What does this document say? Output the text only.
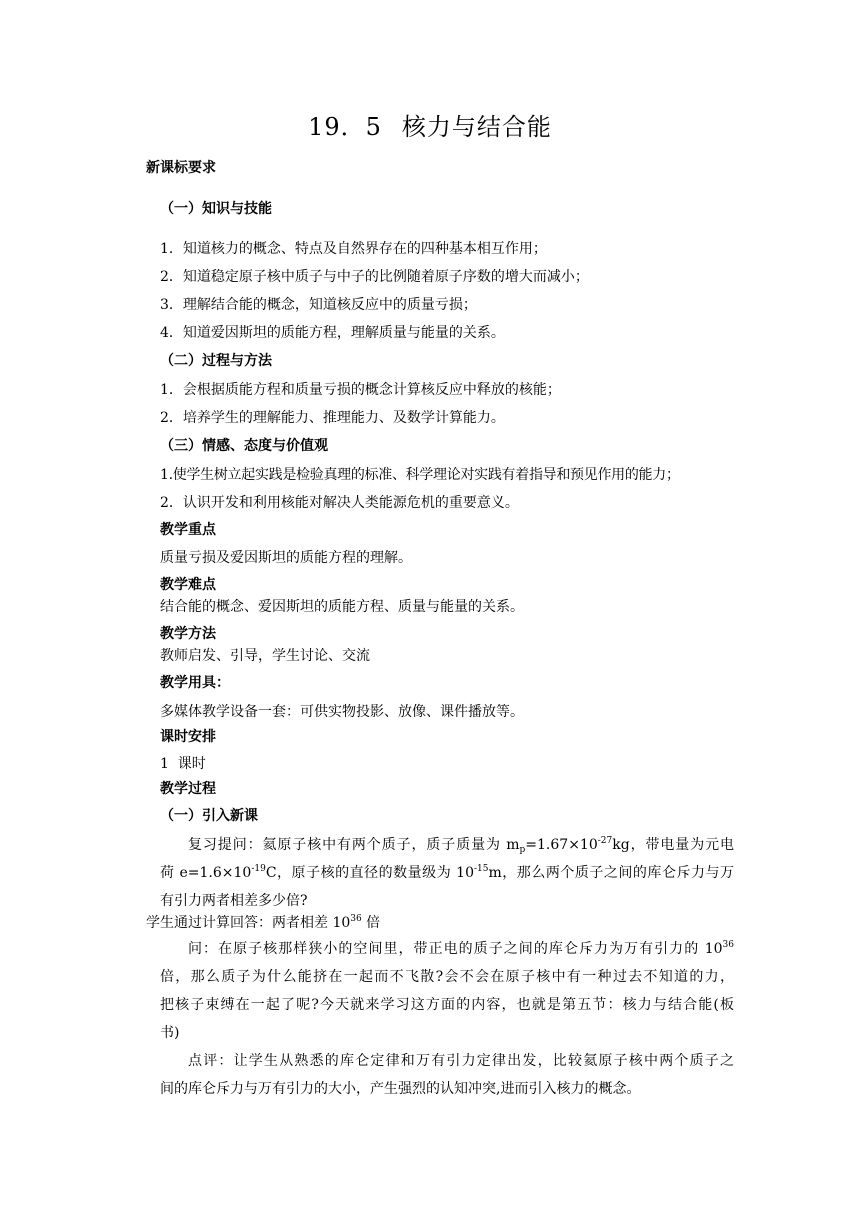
19．5 核力与结合能
新课标要求
（一）知识与技能
1．知道核力的概念、特点及自然界存在的四种基本相互作用；
2．知道稳定原子核中质子与中子的比例随着原子序数的增大而减小；
3．理解结合能的概念，知道核反应中的质量亏损；
4．知道爱因斯坦的质能方程，理解质量与能量的关系。
（二）过程与方法
1．会根据质能方程和质量亏损的概念计算核反应中释放的核能；
2．培养学生的理解能力、推理能力、及数学计算能力。
（三）情感、态度与价值观
1.使学生树立起实践是检验真理的标准、科学理论对实践有着指导和预见作用的能力；
2．认识开发和利用核能对解决人类能源危机的重要意义。
教学重点
质量亏损及爱因斯坦的质能方程的理解。
教学难点
结合能的概念、爱因斯坦的质能方程、质量与能量的关系。
教学方法
教师启发、引导，学生讨论、交流
教学用具：
多媒体教学设备一套：可供实物投影、放像、课件播放等。
课时安排
1  课时
教学过程
（一）引入新课
复习提问：氦原子核中有两个质子，质子质量为 $m_p=1.67\times 10^{-27}kg$，带电量为元电
荷 $e=1.6\times 10^{-19}C$，原子核的直径的数量级为 $10^{-15}m$，那么两个质子之间的库仑斥力与万
有引力两者相差多少倍?
学生通过计算回答：两者相差 $10^{36}$ 倍
问：在原子核那样狭小的空间里，带正电的质子之间的库仑斥力为万有引力的 $10^{36}$
倍，那么质子为什么能挤在一起而不飞散?会不会在原子核中有一种过去不知道的力，
把核子束缚在一起了呢?今天就来学习这方面的内容，也就是第五节：核力与结合能(板
书)
点评：让学生从熟悉的库仑定律和万有引力定律出发，比较氦原子核中两个质子之
间的库仑斥力与万有引力的大小，产生强烈的认知冲突,进而引入核力的概念。
